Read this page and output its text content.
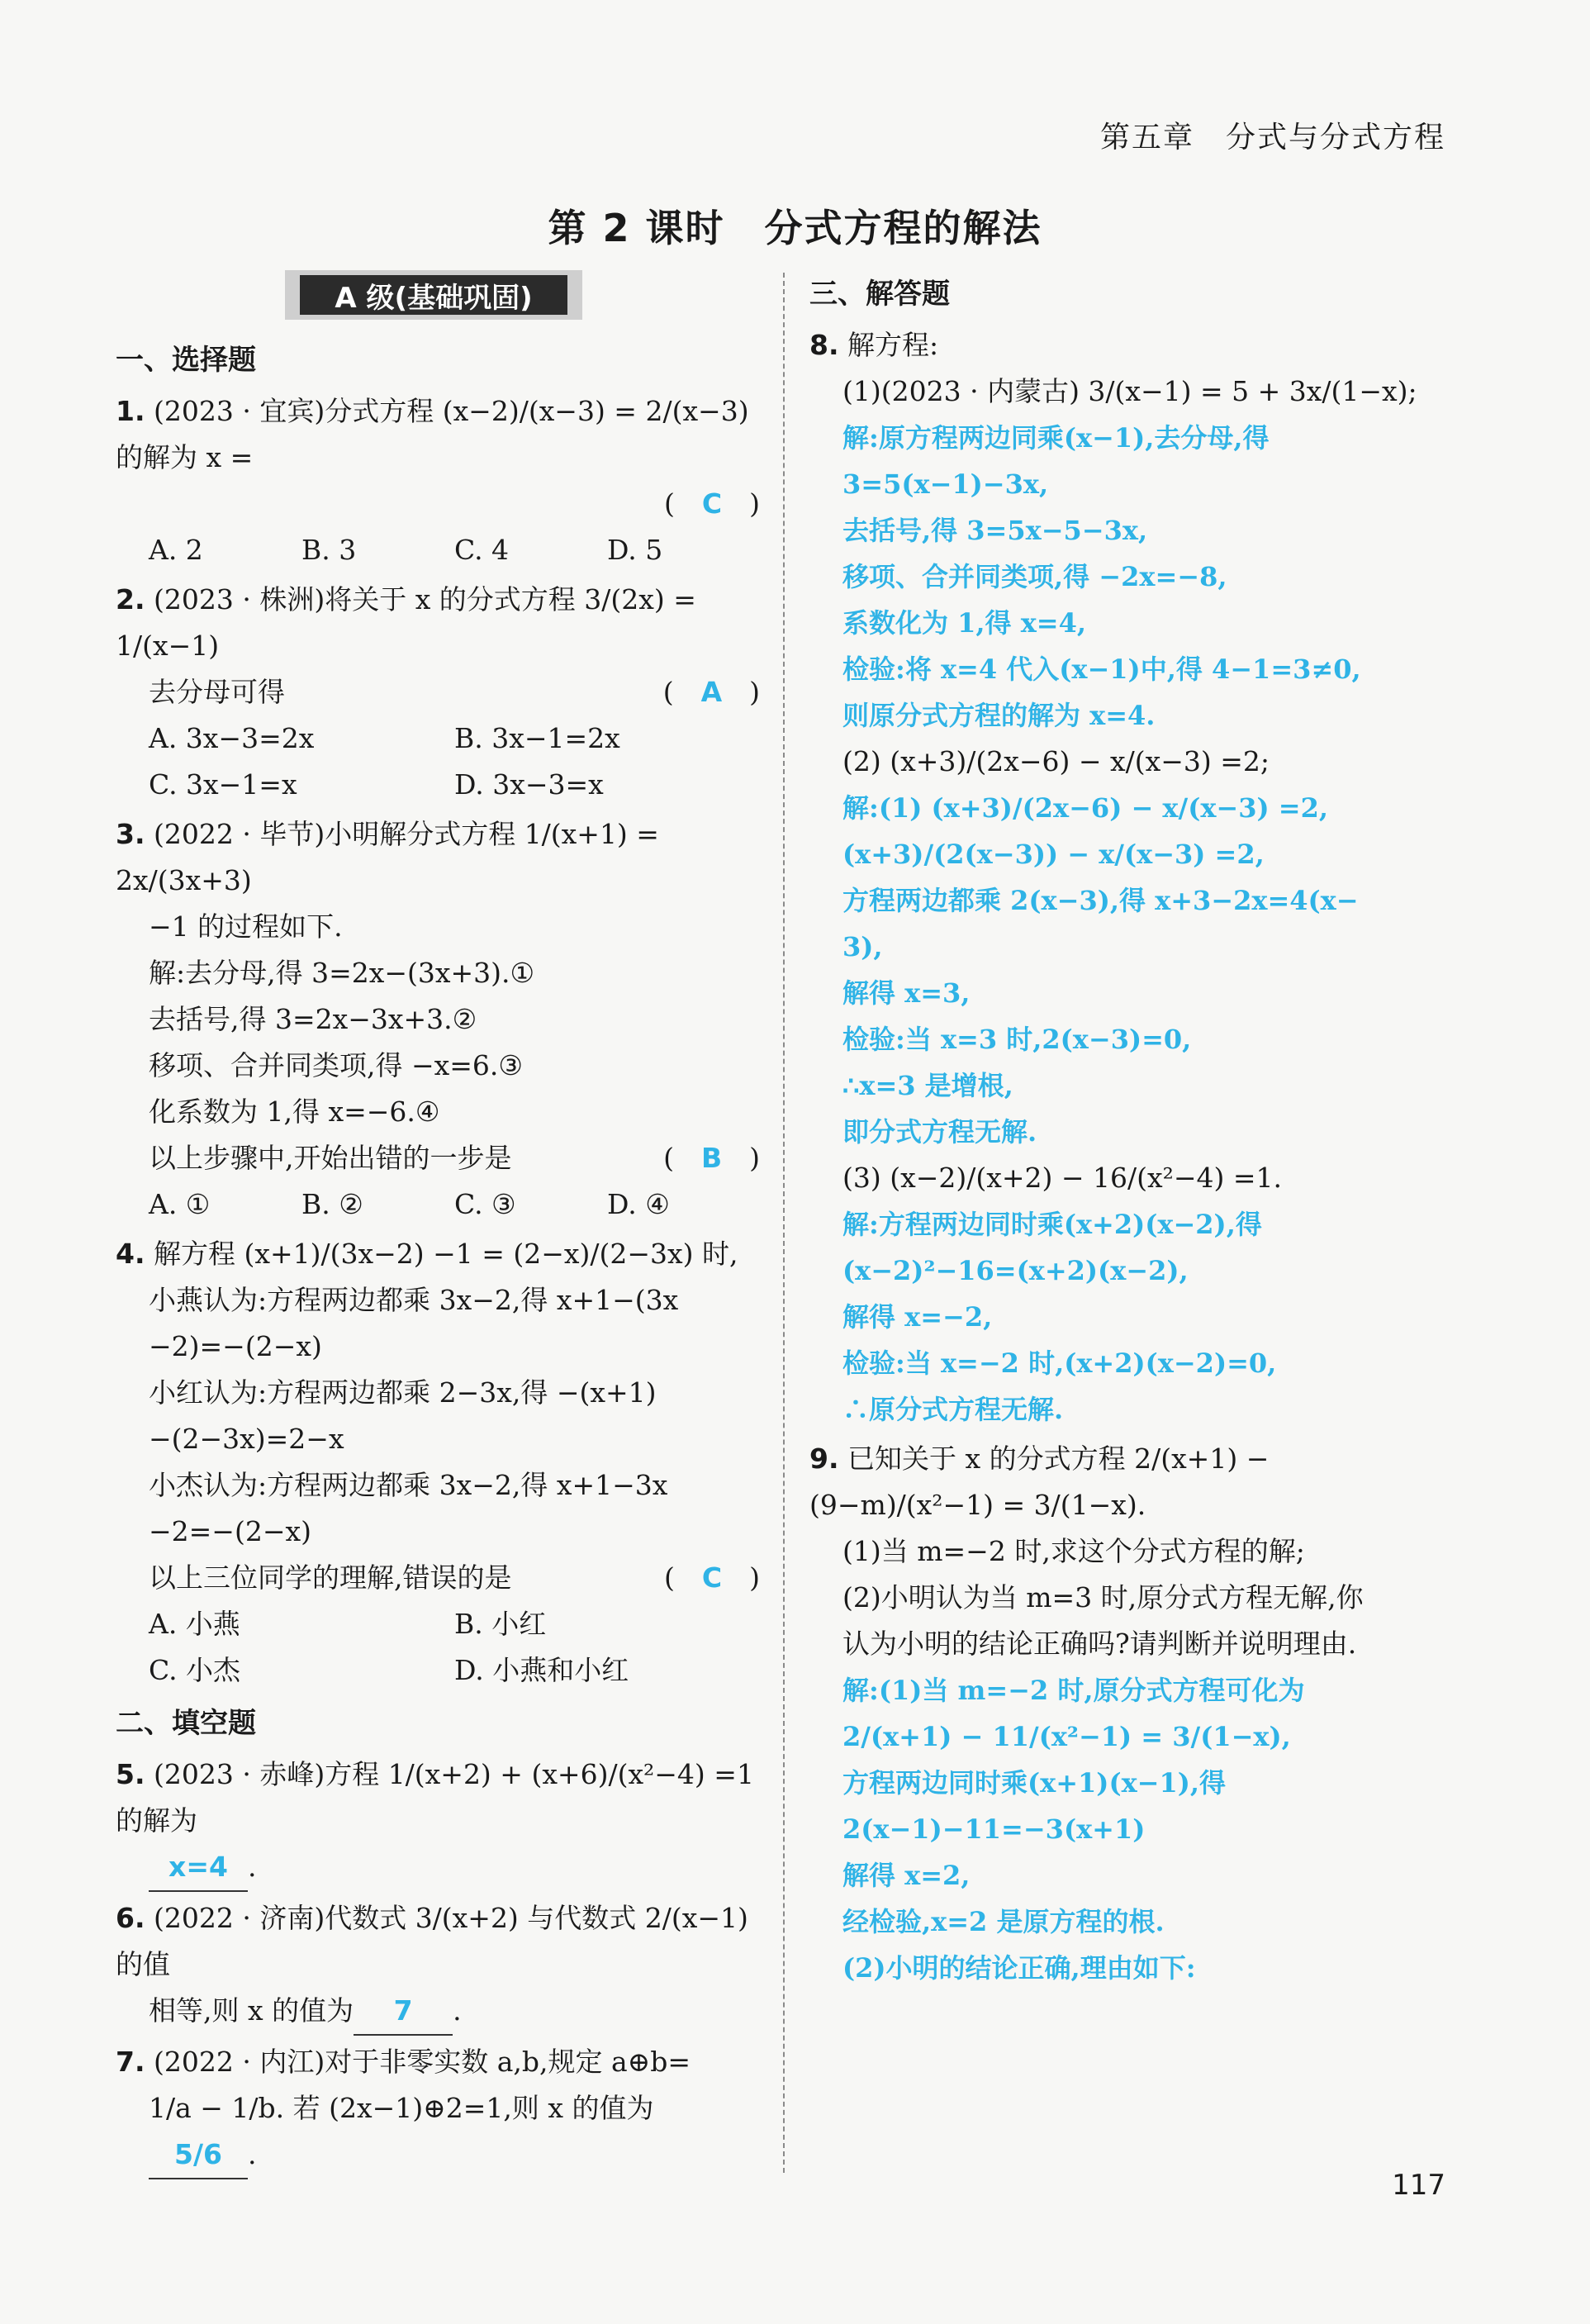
第五章　分式与分式方程
第 2 课时　分式方程的解法
A 级(基础巩固)
一、选择题
1. (2023 · 宜宾)分式方程 (x−2)/(x−3) = 2/(x−3) 的解为 x =
(　C　)

A. 2	B. 3	C. 4	D. 5
2. (2023 · 株洲)将关于 x 的分式方程 3/(2x) = 1/(x−1)
去分母可得	(　A　)
A. 3x−3=2x	B. 3x−1=2x
C. 3x−1=x	D. 3x−3=x
3. (2022 · 毕节)小明解分式方程 1/(x+1) = 2x/(3x+3)
−1 的过程如下.
解:去分母,得 3=2x−(3x+3).①
去括号,得 3=2x−3x+3.②
移项、合并同类项,得 −x=6.③
化系数为 1,得 x=−6.④
以上步骤中,开始出错的一步是	(　B　)
A. ①	B. ②	C. ③	D. ④
4. 解方程 (x+1)/(3x−2) −1 = (2−x)/(2−3x) 时,
小燕认为:方程两边都乘 3x−2,得 x+1−(3x
−2)=−(2−x)
小红认为:方程两边都乘 2−3x,得 −(x+1)
−(2−3x)=2−x
小杰认为:方程两边都乘 3x−2,得 x+1−3x
−2=−(2−x)
以上三位同学的理解,错误的是	(　C　)
A. 小燕	B. 小红
C. 小杰	D. 小燕和小红
二、填空题
5. (2023 · 赤峰)方程 1/(x+2) + (x+6)/(x²−4) =1 的解为
x=4 .
6. (2022 · 济南)代数式 3/(x+2) 与代数式 2/(x−1) 的值
相等,则 x 的值为 7 .
7. (2022 · 内江)对于非零实数 a,b,规定 a⊕b=
1/a − 1/b. 若 (2x−1)⊕2=1,则 x 的值为
5/6 .
三、解答题
8. 解方程:
(1)(2023 · 内蒙古) 3/(x−1) = 5 + 3x/(1−x);
解:原方程两边同乘(x−1),去分母,得
3=5(x−1)−3x,
去括号,得 3=5x−5−3x,
移项、合并同类项,得 −2x=−8,
系数化为 1,得 x=4,
检验:将 x=4 代入(x−1)中,得 4−1=3≠0,
则原分式方程的解为 x=4.
(2) (x+3)/(2x−6) − x/(x−3) =2;
解:(1) (x+3)/(2x−6) − x/(x−3) =2,
(x+3)/(2(x−3)) − x/(x−3) =2,
方程两边都乘 2(x−3),得 x+3−2x=4(x−
3),
解得 x=3,
检验:当 x=3 时,2(x−3)=0,
∴x=3 是增根,
即分式方程无解.
(3) (x−2)/(x+2) − 16/(x²−4) =1.
解:方程两边同时乘(x+2)(x−2),得
(x−2)²−16=(x+2)(x−2),
解得 x=−2,
检验:当 x=−2 时,(x+2)(x−2)=0,
∴原分式方程无解.
9. 已知关于 x 的分式方程 2/(x+1) − (9−m)/(x²−1) = 3/(1−x).
(1)当 m=−2 时,求这个分式方程的解;
(2)小明认为当 m=3 时,原分式方程无解,你
认为小明的结论正确吗?请判断并说明理由.
解:(1)当 m=−2 时,原分式方程可化为
2/(x+1) − 11/(x²−1) = 3/(1−x),
方程两边同时乘(x+1)(x−1),得
2(x−1)−11=−3(x+1)
解得 x=2,
经检验,x=2 是原方程的根.
(2)小明的结论正确,理由如下:
117
